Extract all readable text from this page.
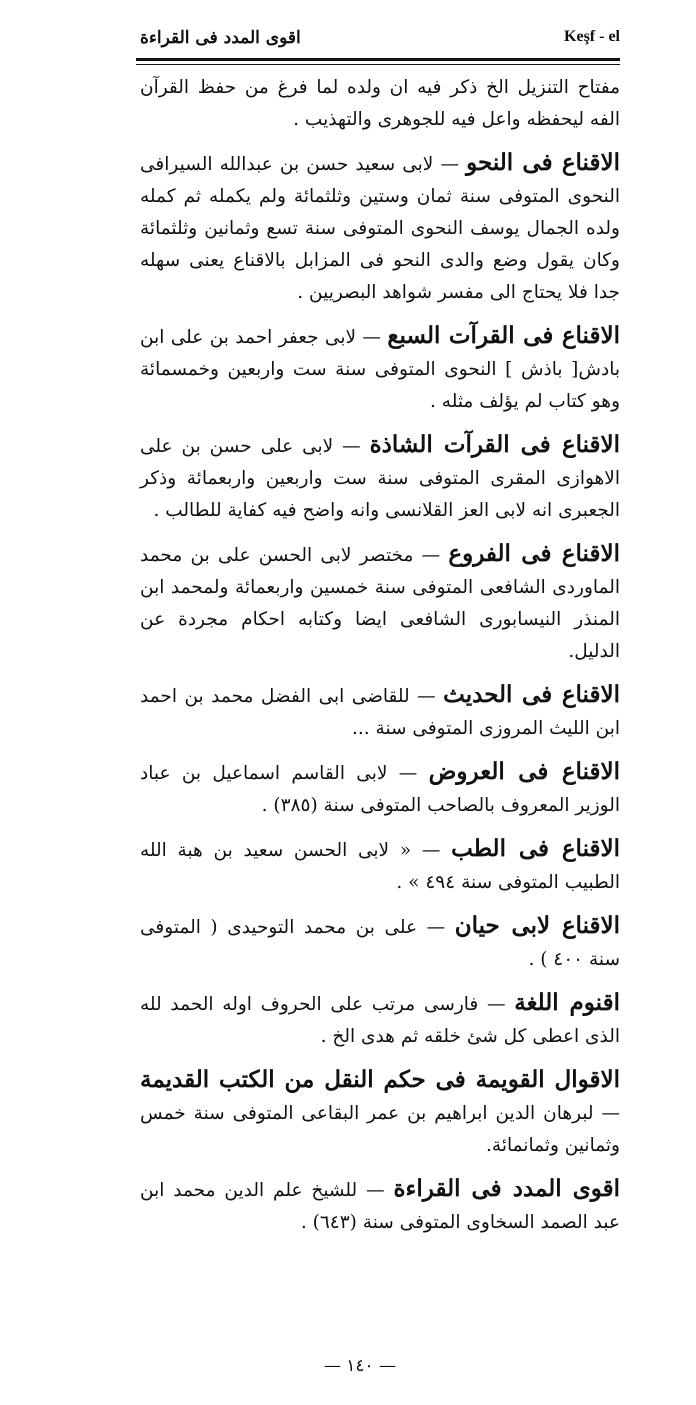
اقوى المدد فى القراءة	Keşf - el

مفتاح التنزيل الخ ذكر فيه ان ولده لما فرغ من حفظ القرآن الفه ليحفظه واعل فيه للجوهرى والتهذيب .

الاقناع فى النحو — لابى سعيد حسن بن عبدالله السيرافى النحوى المتوفى سنة ثمان وستين وثلثمائة ولم يكمله ثم كمله ولده الجمال يوسف النحوى المتوفى سنة تسع وثمانين وثلثمائة وكان يقول وضع والدى النحو فى المزابل بالاقناع يعنى سهله جدا فلا يحتاج الى مفسر شواهد البصريين .

الاقناع فى القرآت السبع — لابى جعفر احمد بن على ابن بادش[ باذش ] النحوى المتوفى سنة ست واربعين وخمسمائة وهو كتاب لم يؤلف مثله .

الاقناع فى القرآت الشاذة — لابى على حسن بن على الاهوازى المقرى المتوفى سنة ست واربعين واربعمائة وذكر الجعبرى انه لابى العز القلانسى وانه واضح فيه كفاية للطالب .

الاقناع فى الفروع — مختصر لابى الحسن على بن محمد الماوردى الشافعى المتوفى سنة خمسين واربعمائة ولمحمد ابن المنذر النيسابورى الشافعى ايضا وكتابه احكام مجردة عن الدليل.

الاقناع فى الحديث — للقاضى ابى الفضل محمد بن احمد ابن الليث المروزى المتوفى سنة ...

الاقناع فى العروض — لابى القاسم اسماعيل بن عباد الوزير المعروف بالصاحب المتوفى سنة (٣٨٥) .

الاقناع فى الطب — « لابى الحسن سعيد بن هبة الله الطبيب المتوفى سنة ٤٩٤ » .

الاقناع لابى حيان — على بن محمد التوحيدى ( المتوفى سنة ٤٠٠ ) .

اقنوم اللغة — فارسى مرتب على الحروف اوله الحمد لله الذى اعطى كل شئ خلقه ثم هدى الخ .

الاقوال القويمة فى حكم النقل من الكتب القديمة — لبرهان الدين ابراهيم بن عمر البقاعى المتوفى سنة خمس وثمانين وثمانمائة.

اقوى المدد فى القراءة — للشيخ علم الدين محمد ابن عبد الصمد السخاوى المتوفى سنة (٦٤٣) .

— ١٤٠ —
